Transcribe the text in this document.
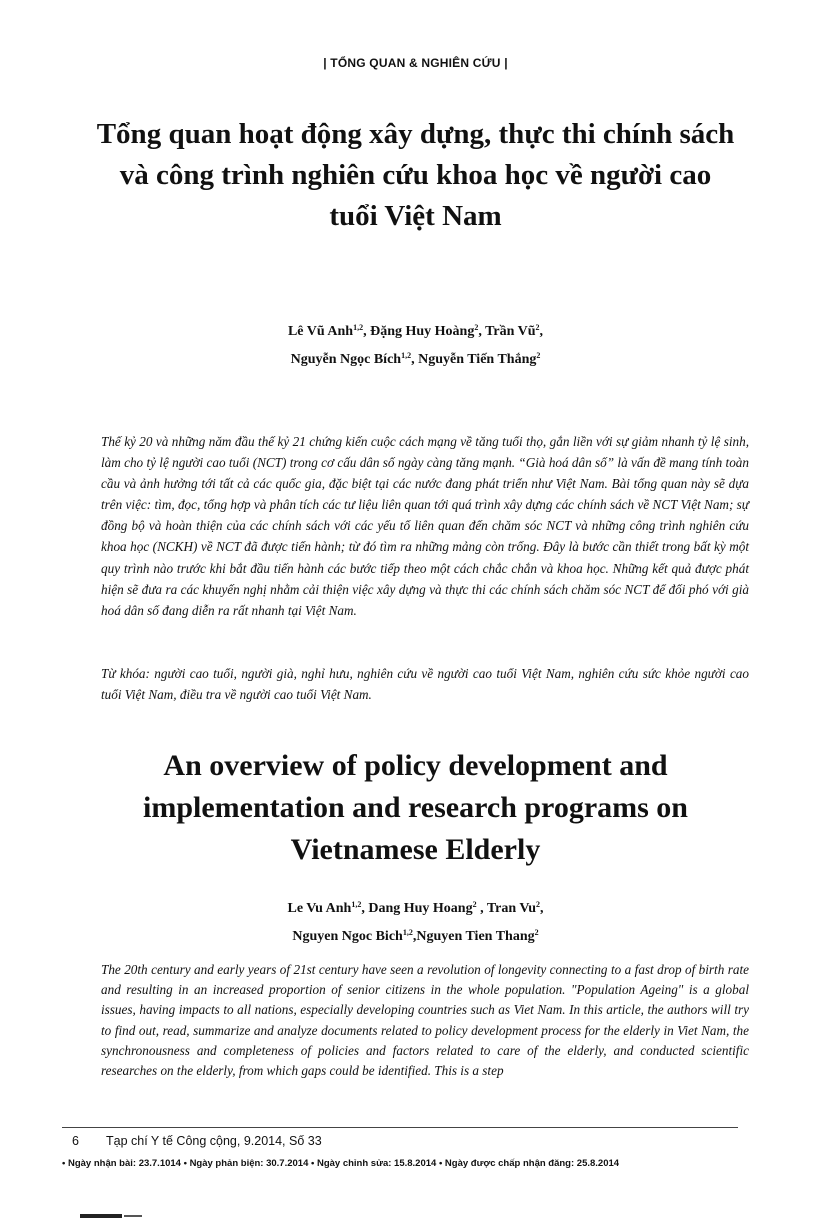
| TỔNG QUAN & NGHIÊN CỨU |
Tổng quan hoạt động xây dựng, thực thi chính sách và công trình nghiên cứu khoa học về người cao tuổi Việt Nam
Lê Vũ Anh$^{1,2}$, Đặng Huy Hoàng$^2$, Trần $Vũ^2$,
Nguyễn Ngọc Bích$^{1,2}$, Nguyễn Tiến Thắng$^2$
Thế kỷ 20 và những năm đầu thế kỷ 21 chứng kiến cuộc cách mạng về tăng tuổi thọ, gắn liền với sự giảm nhanh tỷ lệ sinh, làm cho tỷ lệ người cao tuổi (NCT) trong cơ cấu dân số ngày càng tăng mạnh. “Già hoá dân số” là vấn đề mang tính toàn cầu và ảnh hưởng tới tất cả các quốc gia, đặc biệt tại các nước đang phát triển như Việt Nam. Bài tổng quan này sẽ dựa trên việc: tìm, đọc, tổng hợp và phân tích các tư liệu liên quan tới quá trình xây dựng các chính sách về NCT Việt Nam; sự đồng bộ và hoàn thiện của các chính sách với các yếu tố liên quan đến chăm sóc NCT và những công trình nghiên cứu khoa học (NCKH) về NCT đã được tiến hành; từ đó tìm ra những mảng còn trống. Đây là bước cần thiết trong bất kỳ một quy trình nào trước khi bắt đầu tiến hành các bước tiếp theo một cách chắc chắn và khoa học. Những kết quả được phát hiện sẽ đưa ra các khuyến nghị nhằm cải thiện việc xây dựng và thực thi các chính sách chăm sóc NCT để đối phó với già hoá dân số đang diễn ra rất nhanh tại Việt Nam.
Từ khóa: người cao tuổi, người già, nghỉ hưu, nghiên cứu về người cao tuổi Việt Nam, nghiên cứu sức khỏe người cao tuổi Việt Nam, điều tra về người cao tuổi Việt Nam.
An overview of policy development and implementation and research programs on Vietnamese Elderly
Le Vu Anh$^{1,2}$, Dang Huy Hoang$^2$ , Tran Vu$^2$,
Nguyen Ngoc Bich$^{1,2}$,Nguyen Tien Thang$^2$
The 20th century and early years of 21st century have seen a revolution of longevity connecting to a fast drop of birth rate and resulting in an increased proportion of senior citizens in the whole population. "Population Ageing" is a global issues, having impacts to all nations, especially developing countries such as Viet Nam. In this article, the authors will try to find out, read, summarize and analyze documents related to policy development process for the elderly in Viet Nam, the synchronousness and completeness of policies and factors related to care of the elderly, and conducted scientific researches on the elderly, from which gaps could be identified. This is a step
6 Tạp chí Y tế Công cộng, 9.2014, Số 33
• Ngày nhận bài: 23.7.1014 • Ngày phản biện: 30.7.2014 • Ngày chỉnh sửa: 15.8.2014 • Ngày được chấp nhận đăng: 25.8.2014
